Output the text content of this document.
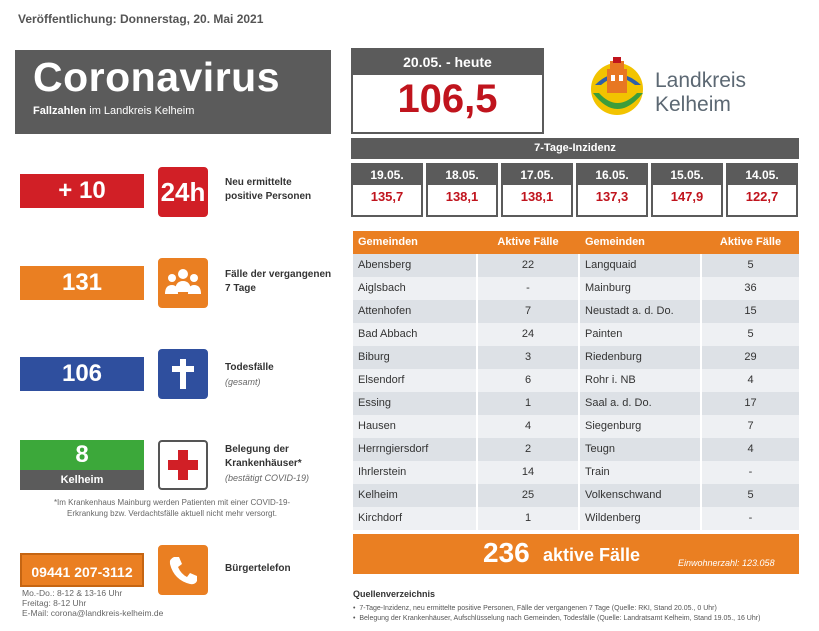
Veröffentlichung: Donnerstag, 20. Mai 2021
Coronavirus
Fallzahlen im Landkreis Kelheim
20.05. - heute
106,5	Landkreis
Kelheim
7-Tage-Inzidenz
19.05.
135,7
18.05.
138,1
17.05.
138,1
16.05.
137,3
15.05.
147,9
14.05.
122,7
+ 10	24h Neu ermittelte
positive Personen
131	Fälle der vergangenen
7 Tage
106	Todesfälle
(gesamt)
8
Kelheim
Belegung der
Krankenhäuser*
(bestätigt COVID-19)
*Im Krankenhaus Mainburg werden Patienten mit einer COVID-19-
Erkrankung bzw. Verdachtsfälle aktuell nicht mehr versorgt.
09441 207-3112	Bürgertelefon
Mo.-Do.: 8-12 & 13-16 Uhr
Freitag: 8-12 Uhr
E-Mail: corona@landkreis-kelheim.de
Gemeinden	Aktive Fälle	Gemeinden	Aktive Fälle
Abensberg	22	Langquaid	5
Aiglsbach	-	Mainburg	36
Attenhofen	7	Neustadt a. d. Do.	15
Bad Abbach	24	Painten	5
Biburg	3	Riedenburg	29
Elsendorf	6	Rohr i. NB	4
Essing	1	Saal a. d. Do.	17
Hausen	4	Siegenburg	7
Herrngiersdorf	2	Teugn	4
Ihrlerstein	14	Train	-
Kelheim	25	Volkenschwand	5
Kirchdorf	1	Wildenberg	-
236 aktive Fälle	Einwohnerzahl: 123.058
Quellenverzeichnis
•  7-Tage-Inzidenz, neu ermittelte positive Personen, Fälle der vergangenen 7 Tage (Quelle: RKI, Stand 20.05., 0 Uhr)
•  Belegung der Krankenhäuser, Aufschlüsselung nach Gemeinden, Todesfälle (Quelle: Landratsamt Kelheim, Stand 19.05., 16 Uhr)
